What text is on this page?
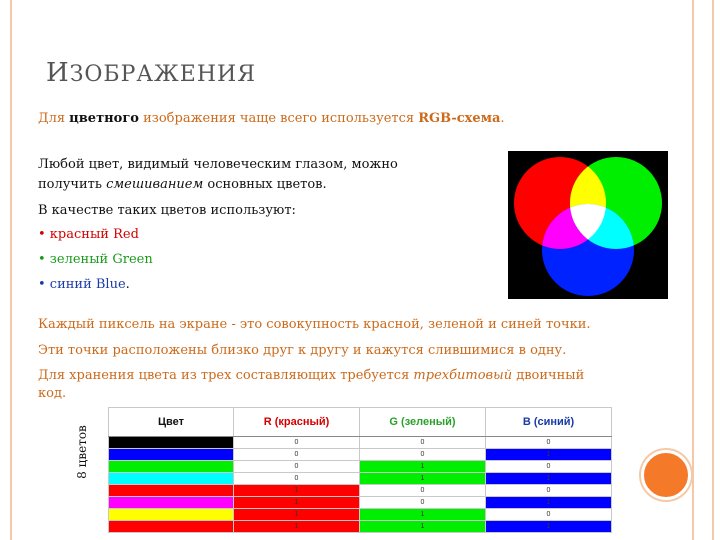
ИЗОБРАЖЕНИЯ
Для цветного изображения чаще всего используется RGB-схема.
Любой цвет, видимый человеческим глазом, можно
получить смешиванием основных цветов.
В качестве таких цветов используют:
• красный Red
• зеленый Green
• синий Blue.
Каждый пиксель на экране - это совокупность красной, зеленой и синей точки.
Эти точки расположены близко друг к другу и кажутся слившимися в одну.
Для хранения цвета из трех составляющих требуется трехбитовый двоичный
код.
8 цветов
Цвет	R (красный)	G (зеленый)	B (синий)
	0	0	0
	0	0	1
	0	1	0
	0	1	1
	1	0	0
	1	0	1
	1	1	0
	1	1	1
